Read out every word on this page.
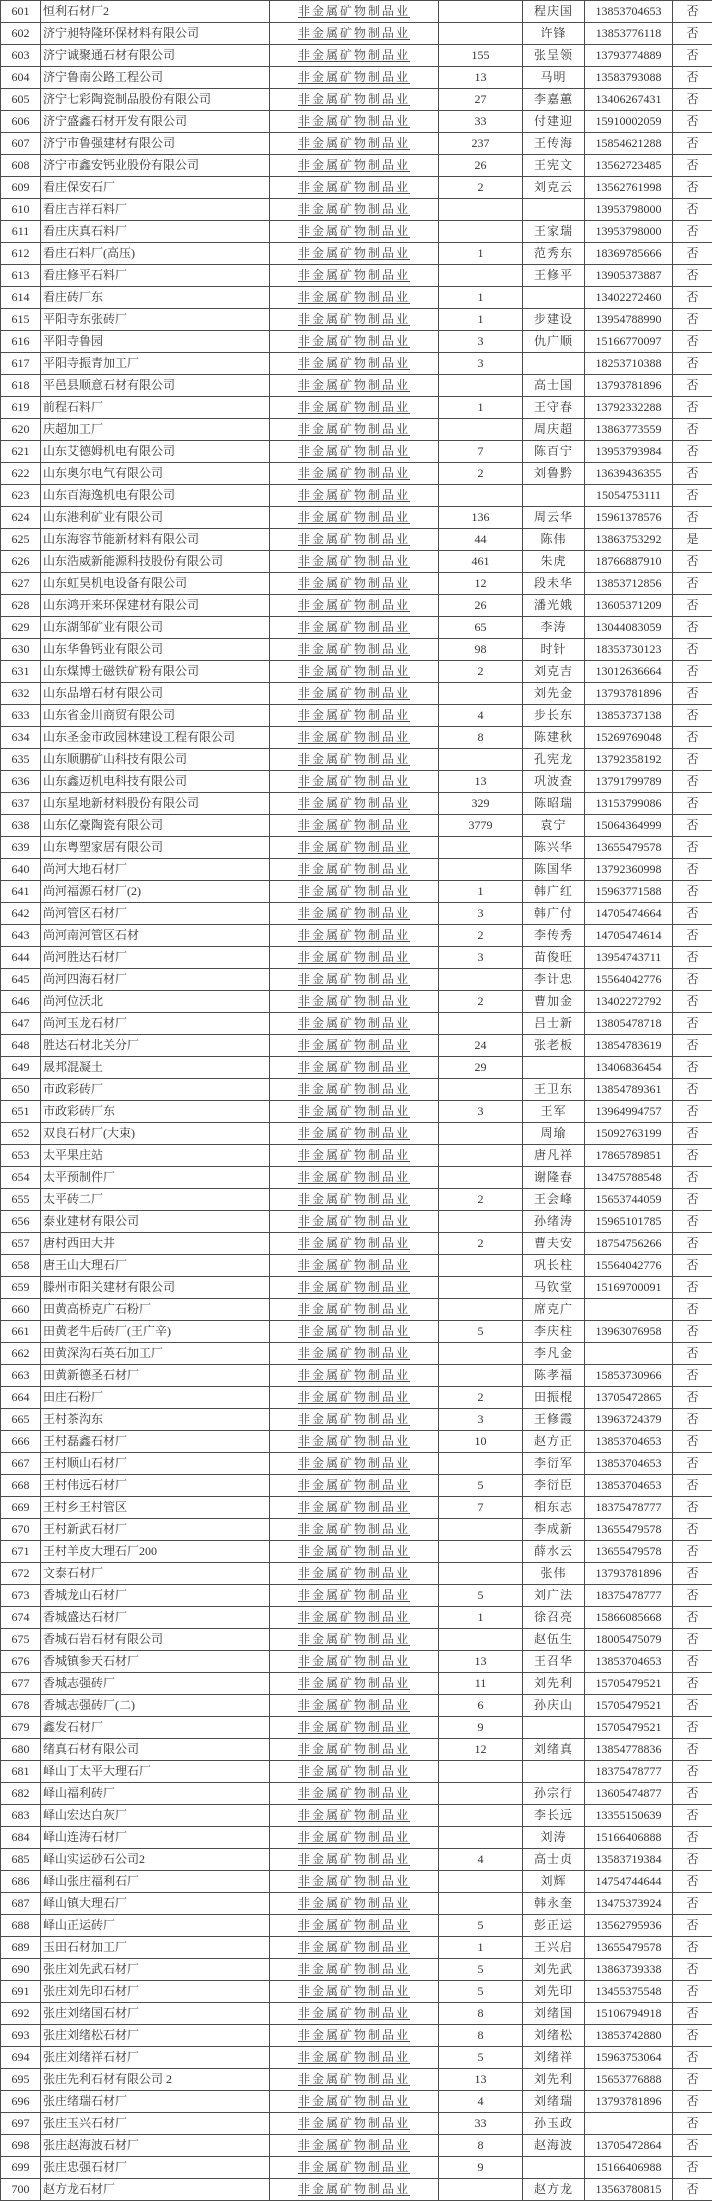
601	恒利石材厂2	非金属矿物制品业		程庆国	13853704653	否
602	济宁昶特隆环保材料有限公司	非金属矿物制品业		许锋	13853776118	否
603	济宁诚聚通石材有限公司	非金属矿物制品业	155	张呈领	13793774889	否
604	济宁鲁南公路工程公司	非金属矿物制品业	13	马明	13583793088	否
605	济宁七彩陶瓷制品股份有限公司	非金属矿物制品业	27	李嘉蕙	13406267431	否
606	济宁盛鑫石材开发有限公司	非金属矿物制品业	33	付建迎	15910002059	否
607	济宁市鲁强建材有限公司	非金属矿物制品业	237	王传海	15854621288	否
608	济宁市鑫安钙业股份有限公司	非金属矿物制品业	26	王宪文	13562723485	否
609	看庄保安石厂	非金属矿物制品业	2	刘克云	13562761998	否
610	看庄吉祥石料厂	非金属矿物制品业			13953798000	否
611	看庄庆真石料厂	非金属矿物制品业		王家瑞	13953798000	否
612	看庄石料厂(高压)	非金属矿物制品业	1	范秀东	18369785666	否
613	看庄修平石料厂	非金属矿物制品业		王修平	13905373887	否
614	看庄砖厂东	非金属矿物制品业	1		13402272460	否
615	平阳寺东张砖厂	非金属矿物制品业	1	步建设	13954788990	否
616	平阳寺鲁园	非金属矿物制品业	3	仇广顺	15166770097	否
617	平阳寺振青加工厂	非金属矿物制品业	3		18253710388	否
618	平邑县顺意石材有限公司	非金属矿物制品业		高士国	13793781896	否
619	前程石料厂	非金属矿物制品业	1	王守春	13792332288	否
620	庆超加工厂	非金属矿物制品业		周庆超	13863773559	否
621	山东艾德姆机电有限公司	非金属矿物制品业	7	陈百宁	13953793984	否
622	山东奥尔电气有限公司	非金属矿物制品业	2	刘鲁黔	13639436355	否
623	山东百海逸机电有限公司	非金属矿物制品业			15054753111	否
624	山东港利矿业有限公司	非金属矿物制品业	136	周云华	15961378576	否
625	山东海容节能新材料有限公司	非金属矿物制品业	44	陈伟	13863753292	是
626	山东浩威新能源科技股份有限公司	非金属矿物制品业	461	朱虎	18766887910	否
627	山东虹昊机电设备有限公司	非金属矿物制品业	12	段未华	13853712856	否
628	山东鸿开来环保建材有限公司	非金属矿物制品业	26	潘光娥	13605371209	否
629	山东湖邹矿业有限公司	非金属矿物制品业	65	李涛	13044083059	否
630	山东华鲁钙业有限公司	非金属矿物制品业	98	时针	18353730123	否
631	山东煤博士磁铁矿粉有限公司	非金属矿物制品业	2	刘克吉	13012636664	否
632	山东品增石材有限公司	非金属矿物制品业		刘先金	13793781896	否
633	山东省金川商贸有限公司	非金属矿物制品业	4	步长东	13853737138	否
634	山东圣金市政园林建设工程有限公司	非金属矿物制品业	8	陈建秋	15269769048	否
635	山东顺鹏矿山科技有限公司	非金属矿物制品业		孔宪龙	13792358192	否
636	山东鑫迈机电科技有限公司	非金属矿物制品业	13	巩波查	13791799789	否
637	山东星地新材料股份有限公司	非金属矿物制品业	329	陈昭瑞	13153799086	否
638	山东亿豪陶瓷有限公司	非金属矿物制品业	3779	袁宁	15064364999	否
639	山东粤塑家居有限公司	非金属矿物制品业		陈兴华	13655479578	否
640	尚河大地石材厂	非金属矿物制品业		陈国华	13792360998	否
641	尚河福源石材厂(2)	非金属矿物制品业	1	韩广红	15963771588	否
642	尚河管区石材厂	非金属矿物制品业	3	韩广付	14705474664	否
643	尚河南河管区石材	非金属矿物制品业	2	李传秀	14705474614	否
644	尚河胜达石材厂	非金属矿物制品业	3	苗俊旺	13954743711	否
645	尚河四海石材厂	非金属矿物制品业		李计忠	15564042776	否
646	尚河位沃北	非金属矿物制品业	2	曹加金	13402272792	否
647	尚河玉龙石材厂	非金属矿物制品业		吕士新	13805478718	否
648	胜达石材北关分厂	非金属矿物制品业	24	张老板	13854783619	否
649	晟邦混凝土	非金属矿物制品业	29		13406836454	否
650	市政彩砖厂	非金属矿物制品业		王卫东	13854789361	否
651	市政彩砖厂东	非金属矿物制品业	3	王军	13964994757	否
652	双良石材厂(大束)	非金属矿物制品业		周瑜	15092763199	否
653	太平果庄站	非金属矿物制品业		唐凡祥	17865789851	否
654	太平预制件厂	非金属矿物制品业		谢隆春	13475788548	否
655	太平砖二厂	非金属矿物制品业	2	王会峰	15653744059	否
656	泰业建材有限公司	非金属矿物制品业		孙绪涛	15965101785	否
657	唐村西田大井	非金属矿物制品业	2	曹夫安	18754756266	否
658	唐王山大理石厂	非金属矿物制品业		巩长柱	15564042776	否
659	滕州市阳关建材有限公司	非金属矿物制品业		马钦堂	15169700091	否
660	田黄高桥克广石粉厂	非金属矿物制品业		席克广		否
661	田黄老牛后砖厂(王广辛)	非金属矿物制品业	5	李庆柱	13963076958	否
662	田黄深沟石英石加工厂	非金属矿物制品业		李凡金		否
663	田黄新德圣石材厂	非金属矿物制品业		陈孝福	15853730966	否
664	田庄石粉厂	非金属矿物制品业	2	田振棍	13705472865	否
665	王村茶沟东	非金属矿物制品业	3	王修霞	13963724379	否
666	王村磊鑫石材厂	非金属矿物制品业	10	赵方正	13853704653	否
667	王村顺山石材厂	非金属矿物制品业		李衍军	13853704653	否
668	王村伟远石材厂	非金属矿物制品业	5	李衍臣	13853704653	否
669	王村乡王村管区	非金属矿物制品业	7	相东志	18375478777	否
670	王村新武石材厂	非金属矿物制品业		李成新	13655479578	否
671	王村羊皮大理石厂200	非金属矿物制品业		薛水云	13655479578	否
672	文泰石材厂	非金属矿物制品业		张伟	13793781896	否
673	香城龙山石材厂	非金属矿物制品业	5	刘广法	18375478777	否
674	香城盛达石材厂	非金属矿物制品业	1	徐召亮	15866085668	否
675	香城石岩石材有限公司	非金属矿物制品业		赵伍生	18005475079	否
676	香城镇参天石材厂	非金属矿物制品业	13	王召华	13853704653	否
677	香城志强砖厂	非金属矿物制品业	11	刘先利	15705479521	否
678	香城志强砖厂(二)	非金属矿物制品业	6	孙庆山	15705479521	否
679	鑫发石材厂	非金属矿物制品业	9		15705479521	否
680	绪真石材有限公司	非金属矿物制品业	12	刘绪真	13854778836	否
681	峄山丁太平大理石厂	非金属矿物制品业			18375478777	否
682	峄山福利砖厂	非金属矿物制品业		孙宗行	13605474877	否
683	峄山宏达白灰厂	非金属矿物制品业		李长远	13355150639	否
684	峄山连涛石材厂	非金属矿物制品业		刘涛	15166406888	否
685	峄山实运砂石公司2	非金属矿物制品业	4	高士贞	13583719384	否
686	峄山张庄福利石厂	非金属矿物制品业		刘辉	14754744644	否
687	峄山镇大理石厂	非金属矿物制品业		韩永奎	13475373924	否
688	峄山正运砖厂	非金属矿物制品业	5	彭正运	13562795936	否
689	玉田石材加工厂	非金属矿物制品业	1	王兴启	13655479578	否
690	张庄刘先武石材厂	非金属矿物制品业	5	刘先武	13863739338	否
691	张庄刘先印石材厂	非金属矿物制品业	5	刘先印	13455375548	否
692	张庄刘绪国石材厂	非金属矿物制品业	8	刘绪国	15106794918	否
693	张庄刘绪松石材厂	非金属矿物制品业	8	刘绪松	13853742880	否
694	张庄刘绪祥石材厂	非金属矿物制品业	5	刘绪祥	15963753064	否
695	张庄先利石材有限公司 2	非金属矿物制品业	13	刘先利	15653776888	否
696	张庄绪瑞石材厂	非金属矿物制品业	4	刘绪瑞	13793781896	否
697	张庄玉兴石材厂	非金属矿物制品业	33	孙玉政		否
698	张庄赵海波石材厂	非金属矿物制品业	8	赵海波	13705472864	否
699	张庄忠强石材厂	非金属矿物制品业	9		15166406988	否
700	赵方龙石材厂	非金属矿物制品业		赵方龙	13563780815	否
